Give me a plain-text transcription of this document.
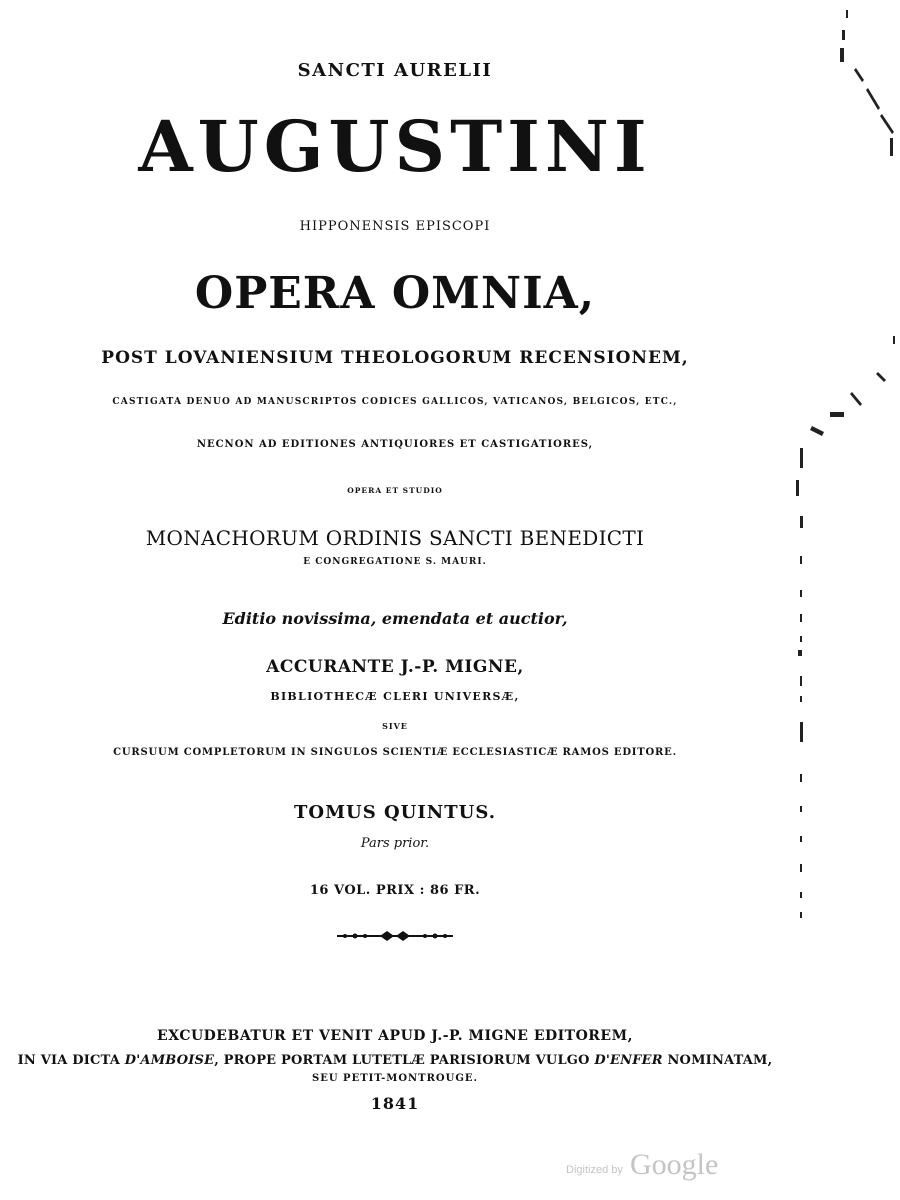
SANCTI AURELII
AUGUSTINI
HIPPONENSIS EPISCOPI
OPERA OMNIA,
POST LOVANIENSIUM THEOLOGORUM RECENSIONEM,
CASTIGATA DENUO AD MANUSCRIPTOS CODICES GALLICOS, VATICANOS, BELGICOS, ETC.,
NECNON AD EDITIONES ANTIQUIORES ET CASTIGATIORES,
OPERA ET STUDIO
MONACHORUM ORDINIS SANCTI BENEDICTI
E CONGREGATIONE S. MAURI.
Editio novissima, emendata et auctior,
ACCURANTE J.-P. MIGNE,
BIBLIOTHECÆ CLERI UNIVERSÆ,
SIVE
CURSUUM COMPLETORUM IN SINGULOS SCIENTIÆ ECCLESIASTICÆ RAMOS EDITORE.
TOMUS QUINTUS.
Pars prior.
16 VOL. PRIX : 86 FR.
EXCUDEBATUR ET VENIT APUD J.-P. MIGNE EDITOREM,
IN VIA DICTA D'AMBOISE, PROPE PORTAM LUTETLÆ PARISIORUM VULGO D'ENFER NOMINATAM,
SEU PETIT-MONTROUGE.
1841
Digitized by Google
